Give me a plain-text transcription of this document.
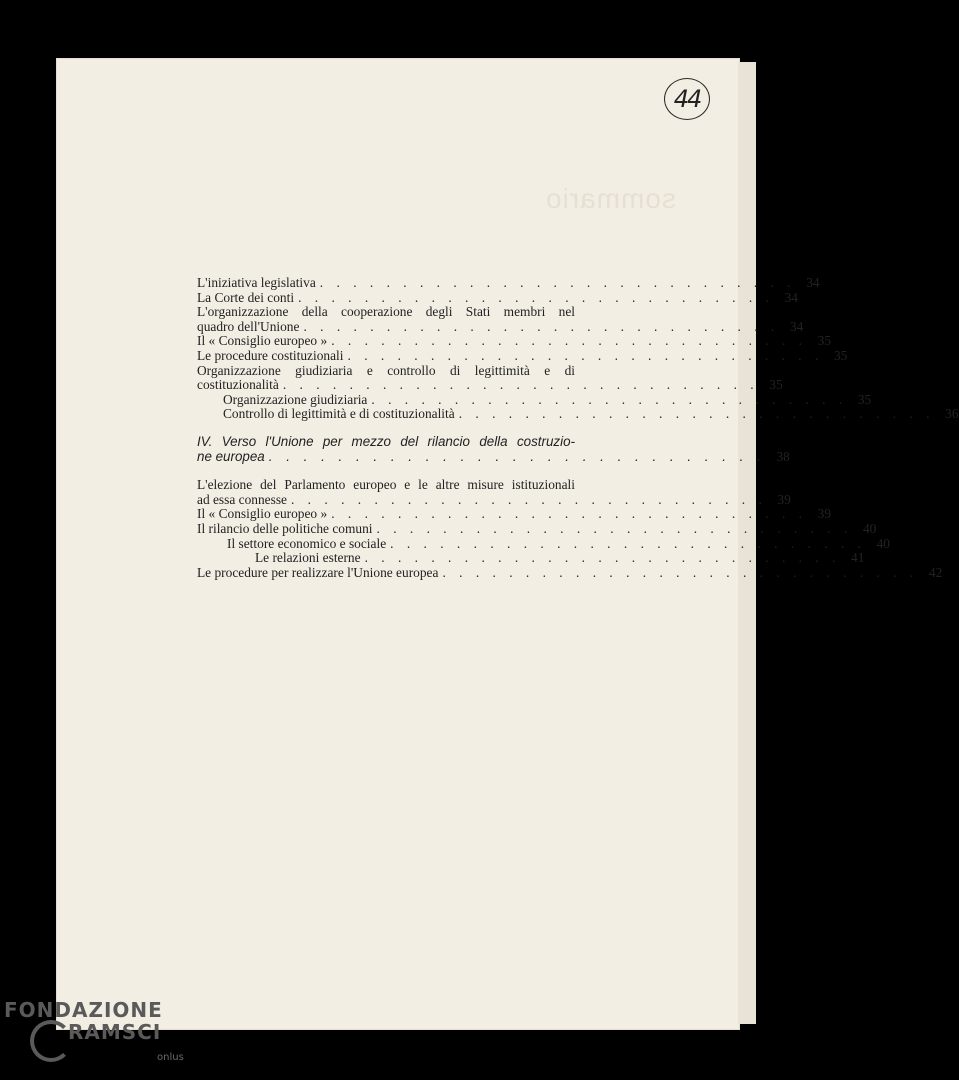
44
sommario
L'iniziativa legislativa . . . . . . . . . . . . . . . . . . . . . . . . . . . . . 34
La Corte dei conti . . . . . . . . . . . . . . . . . . . . . . . . . . . . . 34
L'organizzazione della cooperazione degli Stati membri nel
quadro dell'Unione . . . . . . . . . . . . . . . . . . . . . . . . . . . . . 34
Il « Consiglio europeo » . . . . . . . . . . . . . . . . . . . . . . . . . . . . . 35
Le procedure costituzionali . . . . . . . . . . . . . . . . . . . . . . . . . . . . . 35
Organizzazione giudiziaria e controllo di legittimità e di
costituzionalità . . . . . . . . . . . . . . . . . . . . . . . . . . . . . 35
Organizzazione giudiziaria . . . . . . . . . . . . . . . . . . . . . . . . . . . . . 35
Controllo di legittimità e di costituzionalità . . . . . . . . . . . . . . . . . . . . . . . . . . . . . 36
IV. Verso l'Unione per mezzo del rilancio della costruzio-
ne europea . . . . . . . . . . . . . . . . . . . . . . . . . . . . . 38
L'elezione del Parlamento europeo e le altre misure istituzionali
ad essa connesse . . . . . . . . . . . . . . . . . . . . . . . . . . . . . 39
Il « Consiglio europeo » . . . . . . . . . . . . . . . . . . . . . . . . . . . . . 39
Il rilancio delle politiche comuni . . . . . . . . . . . . . . . . . . . . . . . . . . . . . 40
Il settore economico e sociale . . . . . . . . . . . . . . . . . . . . . . . . . . . . . 40
Le relazioni esterne . . . . . . . . . . . . . . . . . . . . . . . . . . . . . 41
Le procedure per realizzare l'Unione europea . . . . . . . . . . . . . . . . . . . . . . . . . . . . . 42
FONDAZIONE
RAMSCI
onlus
